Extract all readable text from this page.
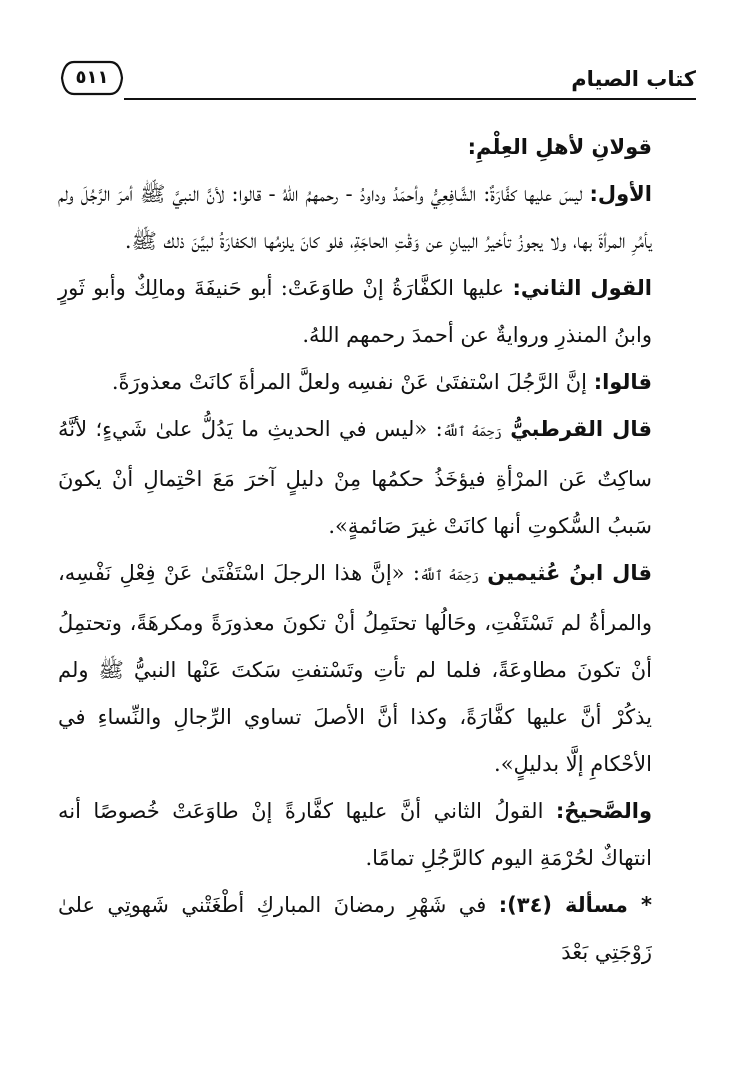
كتاب الصيام
٥١١

قولانِ لأهلِ العِلْمِ:

الأول: ليسَ عليها كفَّارَةٌ: الشَّافِعِيُّ وأحمَدُ وداودُ - رحمهمُ اللهُ - قالوا: لأنَّ النبيَّ ﷺ أمرَ الرَّجُلَ ولم يأمُرِ المرأةَ بها، ولا يجوزُ تأخيرُ البيانِ عن وَقْتِ الحاجَةِ، فلو كانَ يلزمُها الكفارَةُ لبيَّنَ ذلك ﷺ.

القول الثاني: عليها الكفَّارَةُ إنْ طاوَعَتْ: أبو حَنيفَةَ ومالِكٌ وأبو ثَورٍ وابنُ المنذرِ وروايةٌ عن أحمدَ رحمهم اللهُ.

قالوا: إنَّ الرَّجُلَ اسْتفتَىٰ عَنْ نفسِه ولعلَّ المرأةَ كانَتْ معذورَةً.

قال القرطبيُّ رَحِمَهُ ٱللَّهُ: «ليس في الحديثِ ما يَدُلُّ علىٰ شَيءٍ؛ لأنَّهُ ساكِتٌ عَن المرْأةِ فيؤخَذُ حكمُها مِنْ دليلٍ آخرَ مَعَ احْتِمالِ أنْ يكونَ سَببُ السُّكوتِ أنها كانَتْ غيرَ صَائمةٍ».

قال ابنُ عُثيمين رَحِمَهُ ٱللَّهُ: «إنَّ هذا الرجلَ اسْتَفْتَىٰ عَنْ فِعْلِ نَفْسِه، والمرأةُ لم تَسْتَفْتِ، وحَالُها تحتَمِلُ أنْ تكونَ معذورَةً ومكرهَةً، وتحتمِلُ أنْ تكونَ مطاوعَةً، فلما لم تأتِ وتَسْتفتِ سَكتَ عَنْها النبيُّ ﷺ ولم يذكُرْ أنَّ عليها كفَّارَةً، وكذا أنَّ الأصلَ تساوي الرِّجالِ والنِّساءِ في الأحْكامِ إلَّا بدليلٍ».

والصَّحيحُ: القولُ الثاني أنَّ عليها كفَّارةً إنْ طاوَعَتْ خُصوصًا أنه انتهاكٌ لحُرْمَةِ اليوم كالرَّجُلِ تمامًا.

* مسألة (٣٤): في شَهْرِ رمضانَ المباركِ أطْغَتْني شَهوتِي علىٰ زَوْجَتِي بَعْدَ
